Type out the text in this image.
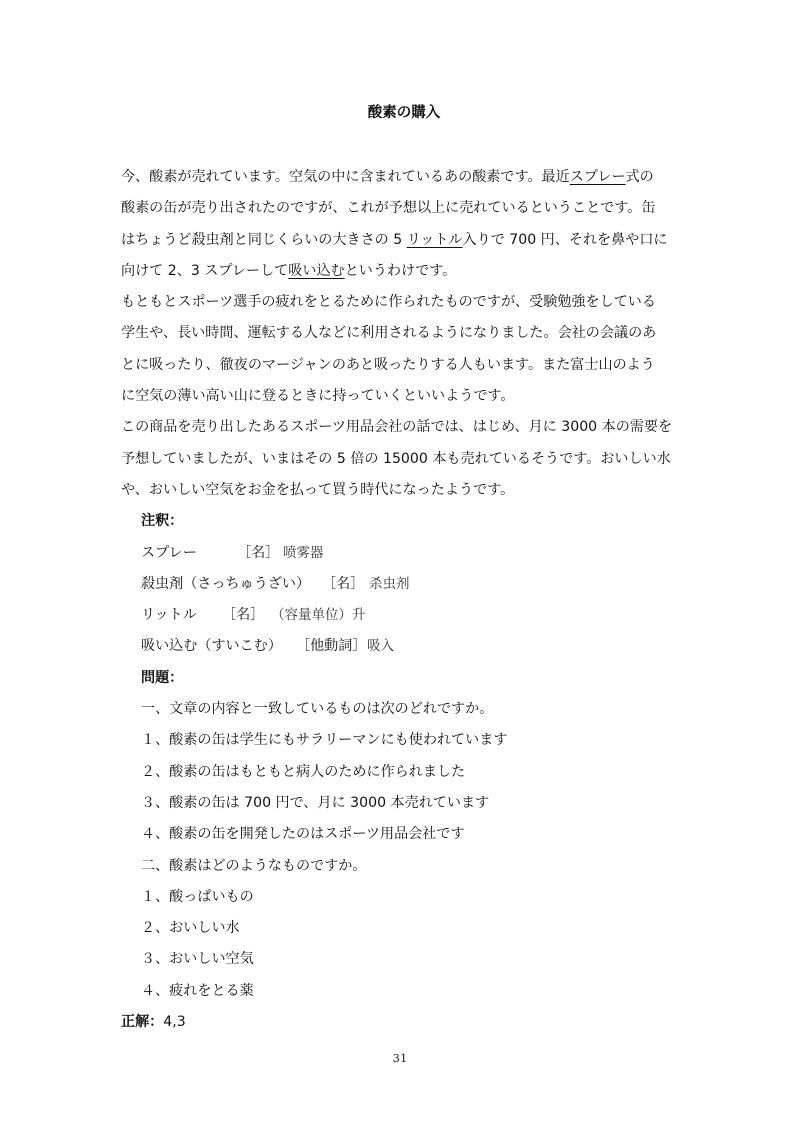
酸素の購入
今、酸素が売れています。空気の中に含まれているあの酸素です。最近スプレー式の
酸素の缶が売り出されたのですが、これが予想以上に売れているということです。缶
はちょうど殺虫剤と同じくらいの大きさの 5 リットル入りで 700 円、それを鼻や口に
向けて 2、3 スプレーして吸い込むというわけです。
もともとスポーツ選手の疲れをとるために作られたものですが、受験勉強をしている
学生や、長い時間、運転する人などに利用されるようになりました。会社の会議のあ
とに吸ったり、徹夜のマージャンのあと吸ったりする人もいます。また富士山のよう
に空気の薄い高い山に登るときに持っていくといいようです。
この商品を売り出したあるスポーツ用品会社の話では、はじめ、月に 3000 本の需要を
予想していましたが、いまはその 5 倍の 15000 本も売れているそうです。おいしい水
や、おいしい空気をお金を払って買う時代になったようです。
注釈：
スプレー	［名］ 喷雾器
殺虫剤（さっちゅうざい） ［名］ 杀虫剂
リットル ［名］ （容量单位）升
吸い込む（すいこむ） ［他動詞］ 吸入
問題：
一、文章の内容と一致しているものは次のどれですか。
１、酸素の缶は学生にもサラリーマンにも使われています
２、酸素の缶はもともと病人のために作られました
３、酸素の缶は 700 円で、月に 3000 本売れています
４、酸素の缶を開発したのはスポーツ用品会社です
二、酸素はどのようなものですか。
１、酸っぱいもの
２、おいしい水
３、おいしい空気
４、疲れをとる薬
正解：4,3
31
